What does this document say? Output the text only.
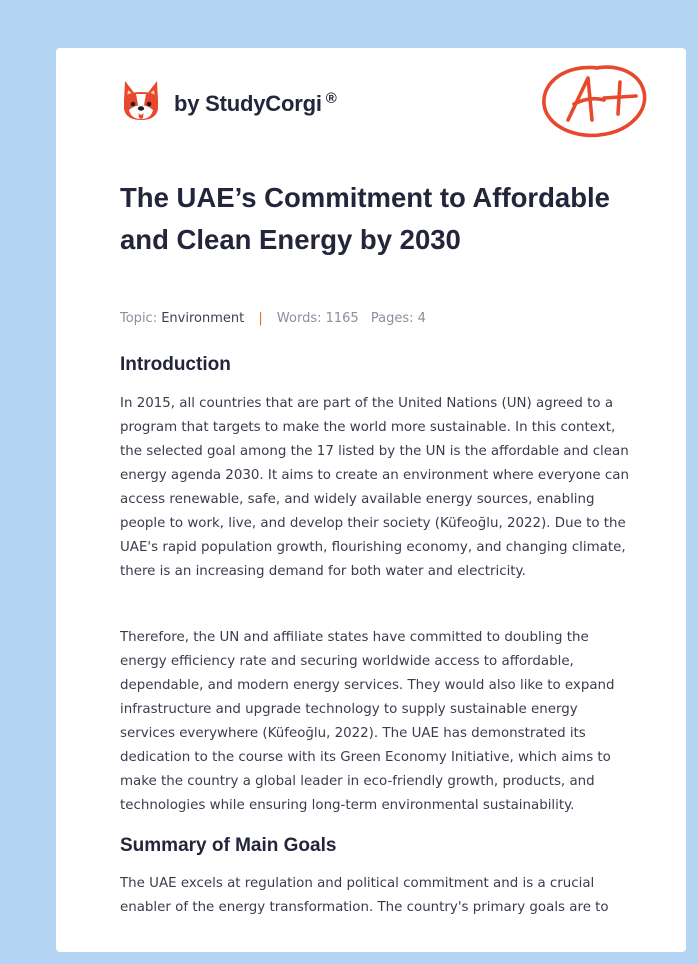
by StudyCorgi ®
The UAE’s Commitment to Affordable and Clean Energy by 2030
Topic: Environment | Words: 1165 Pages: 4
Introduction

In 2015, all countries that are part of the United Nations (UN) agreed to a program that targets to make the world more sustainable. In this context, the selected goal among the 17 listed by the UN is the affordable and clean energy agenda 2030. It aims to create an environment where everyone can access renewable, safe, and widely available energy sources, enabling people to work, live, and develop their society (Küfeoğlu, 2022). Due to the UAE's rapid population growth, flourishing economy, and changing climate, there is an increasing demand for both water and electricity.

Therefore, the UN and affiliate states have committed to doubling the energy efficiency rate and securing worldwide access to affordable, dependable, and modern energy services. They would also like to expand infrastructure and upgrade technology to supply sustainable energy services everywhere (Küfeoğlu, 2022). The UAE has demonstrated its dedication to the course with its Green Economy Initiative, which aims to make the country a global leader in eco-friendly growth, products, and technologies while ensuring long-term environmental sustainability.

Summary of Main Goals

The UAE excels at regulation and political commitment and is a crucial enabler of the energy transformation. The country's primary goals are to
